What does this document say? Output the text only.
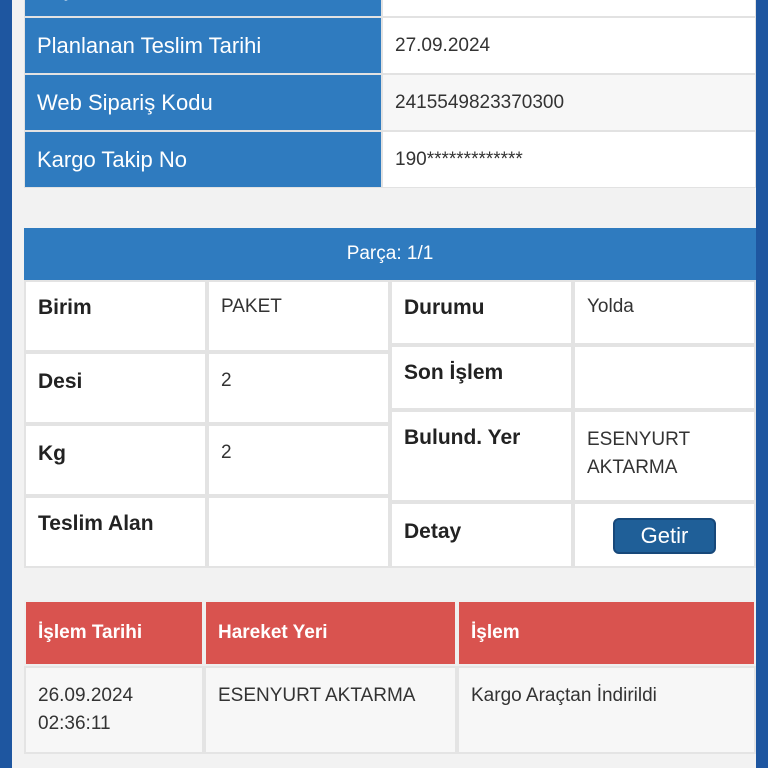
Planlanan Teslim Tarihi	27.09.2024
Web Sipariş Kodu	2415549823370300
Kargo Takip No	190*************
Parça: 1/1
Birim	PAKET
Desi	2
Kg	2
Teslim Alan
Durumu	Yolda
Son İşlem
Bulund. Yer	ESENYURT
AKTARMA
Detay	Getir
İşlem Tarihi	Hareket Yeri	İşlem
26.09.2024
02:36:11
ESENYURT AKTARMA	Kargo Araçtan İndirildi
